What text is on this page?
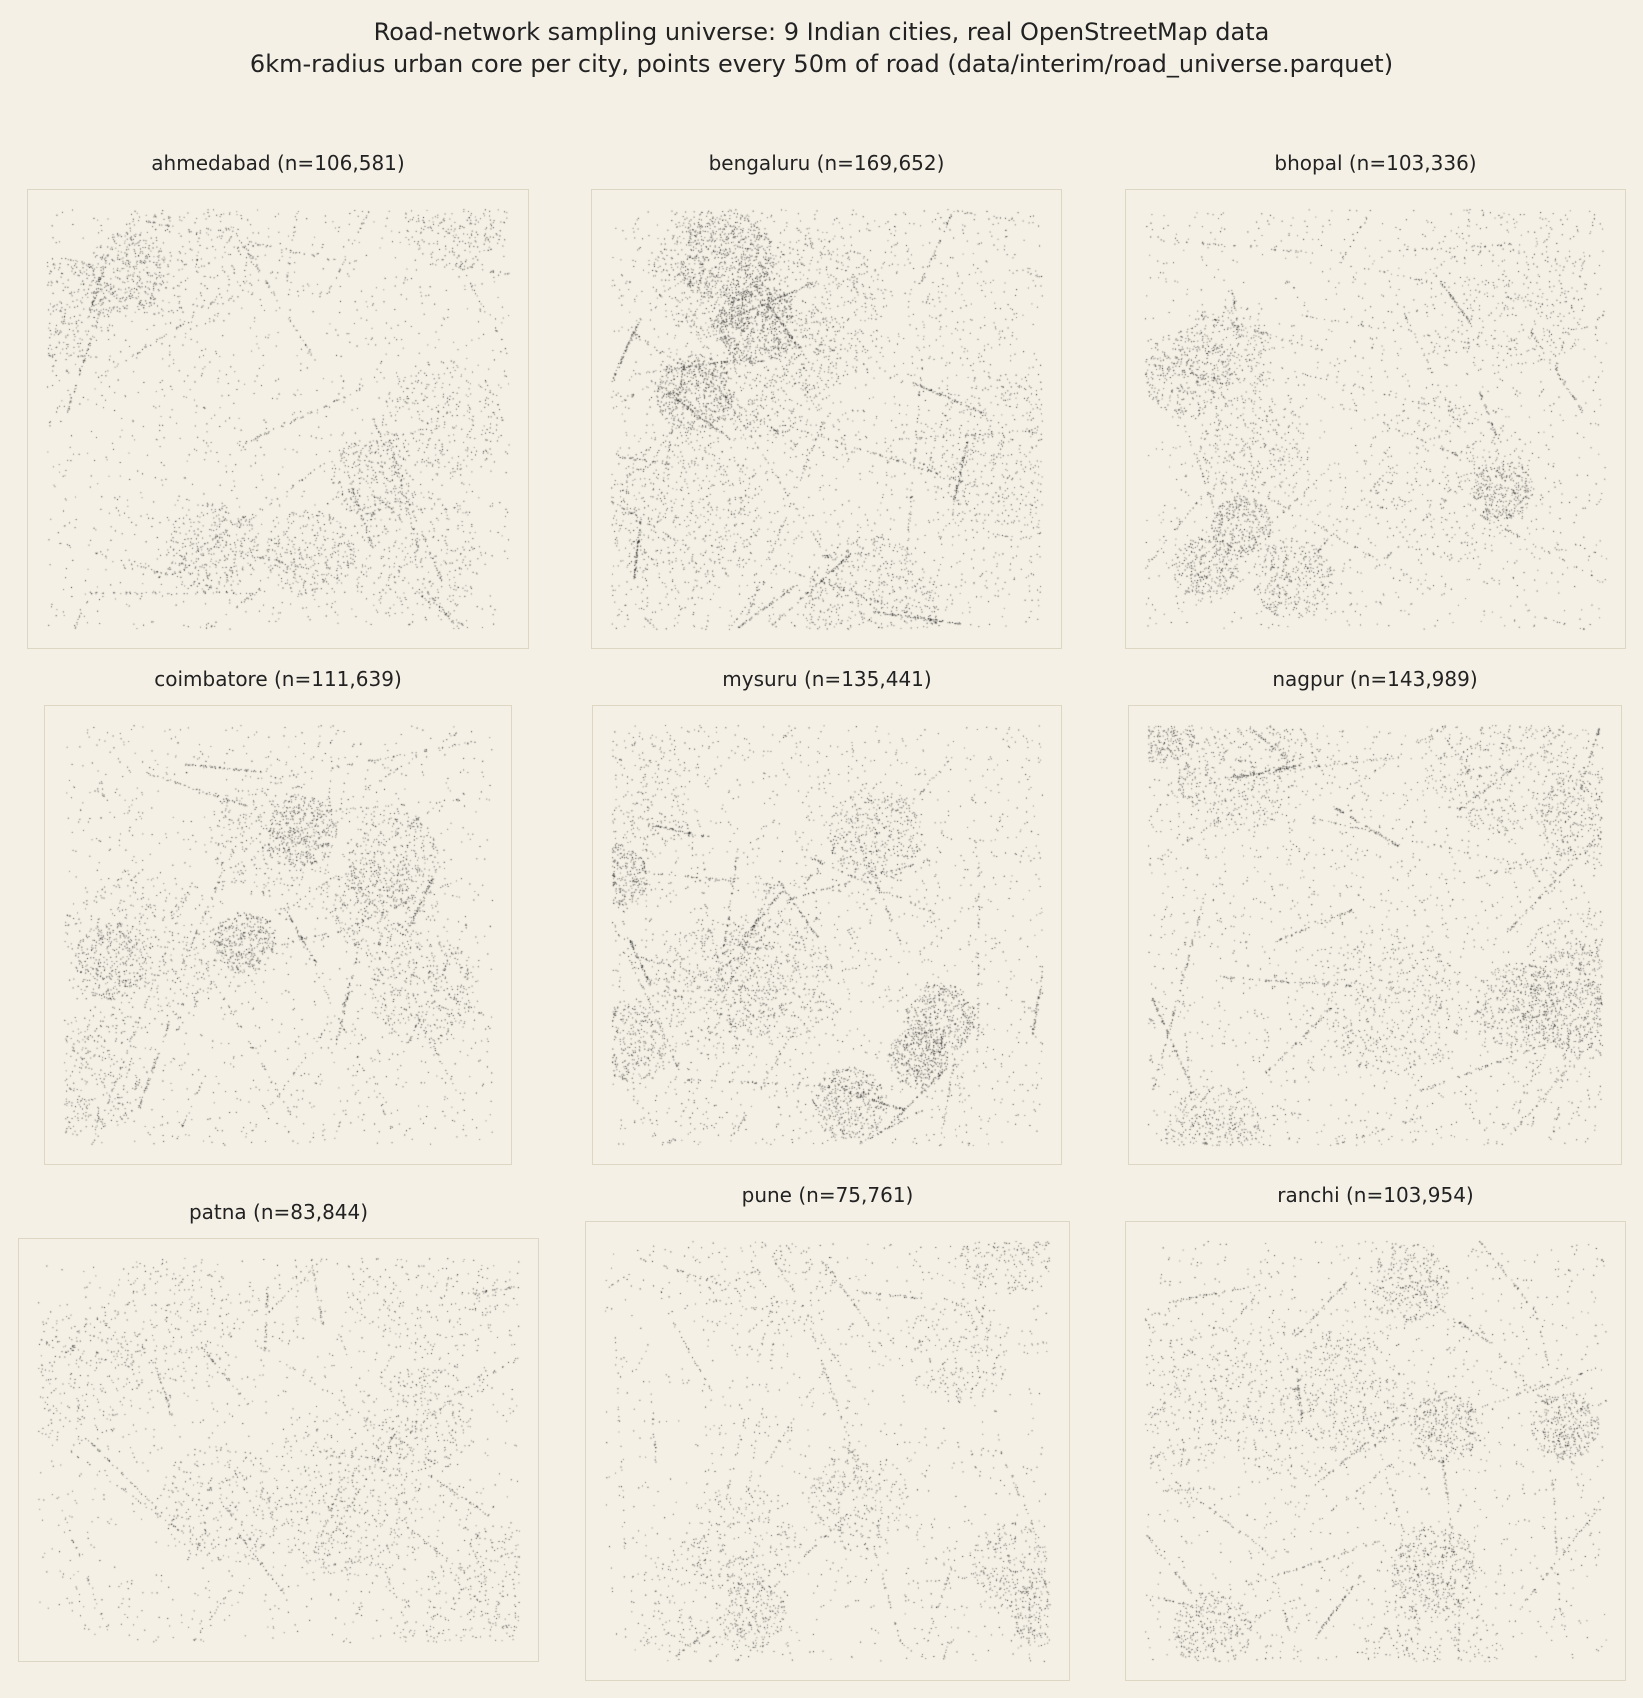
Road-network sampling universe: 9 Indian cities, real OpenStreetMap data
6km-radius urban core per city, points every 50m of road (data/interim/road_universe.parquet)
ahmedabad (n=106,581)	bengaluru (n=169,652)	bhopal (n=103,336)
coimbatore (n=111,639)	mysuru (n=135,441)	nagpur (n=143,989)
patna (n=83,844)
pune (n=75,761)	ranchi (n=103,954)
